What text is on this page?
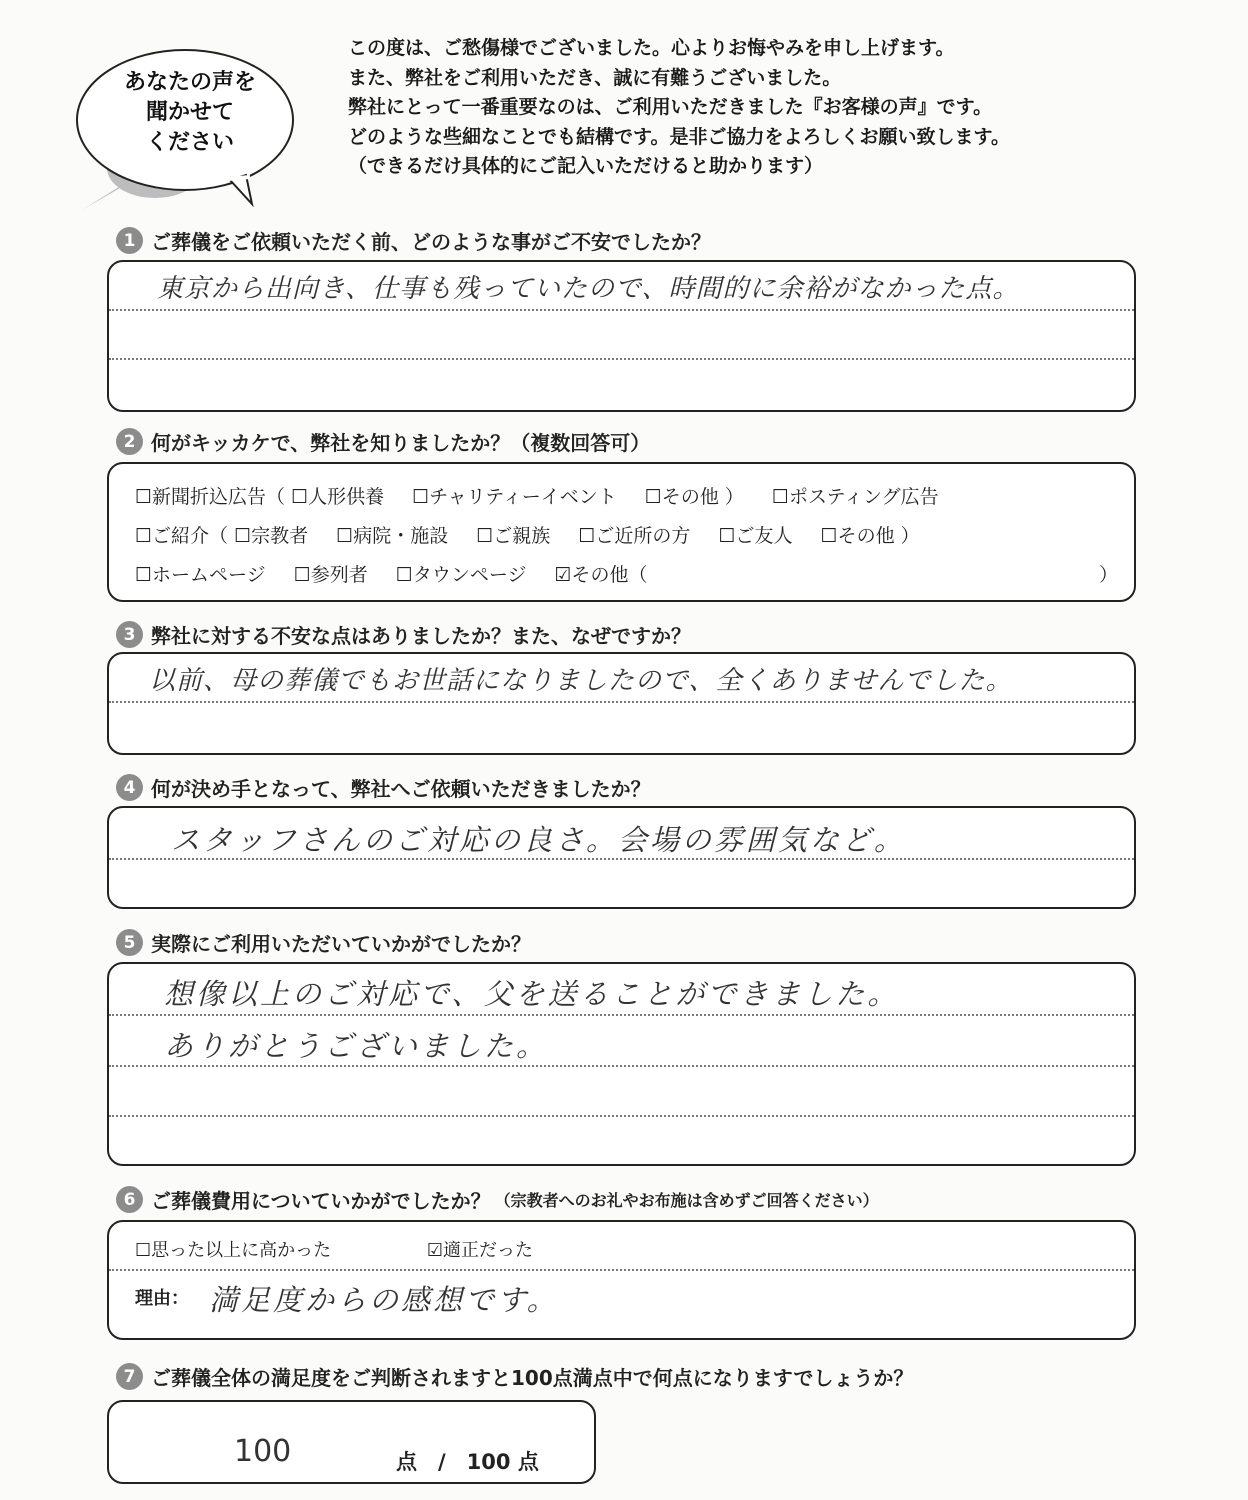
あなたの声を
聞かせて
ください
この度は、ご愁傷様でございました。心よりお悔やみを申し上げます。
また、弊社をご利用いただき、誠に有難うございました。
弊社にとって一番重要なのは、ご利用いただきました『お客様の声』です。
どのような些細なことでも結構です。是非ご協力をよろしくお願い致します。
（できるだけ具体的にご記入いただけると助かります）
1 ご葬儀をご依頼いただく前、どのような事がご不安でしたか？
東京から出向き、仕事も残っていたので、時間的に余裕がなかった点。
2 何がキッカケで、弊社を知りましたか？（複数回答可）
☐新聞折込広告（ ☐人形供養 ☐チャリティーイベント ☐その他 ） ☐ポスティング広告
☐ご紹介（ ☐宗教者 ☐病院・施設 ☐ご親族 ☐ご近所の方 ☐ご友人 ☐その他 ）
☐ホームページ ☐参列者 ☐タウンページ ☑その他（	）
3 弊社に対する不安な点はありましたか？また、なぜですか？
以前、母の葬儀でもお世話になりましたので、全くありませんでした。
4 何が決め手となって、弊社へご依頼いただきましたか？
スタッフさんのご対応の良さ。会場の雰囲気など。
5 実際にご利用いただいていかがでしたか？
想像以上のご対応で、父を送ることができました。
ありがとうございました。
6 ご葬儀費用についていかがでしたか？ （宗教者へのお礼やお布施は含めずご回答ください）
☐思った以上に高かった	☑適正だった
理由： 満足度からの感想です。
7 ご葬儀全体の満足度をご判断されますと100点満点中で何点になりますでしょうか？
100	点　/　100 点
